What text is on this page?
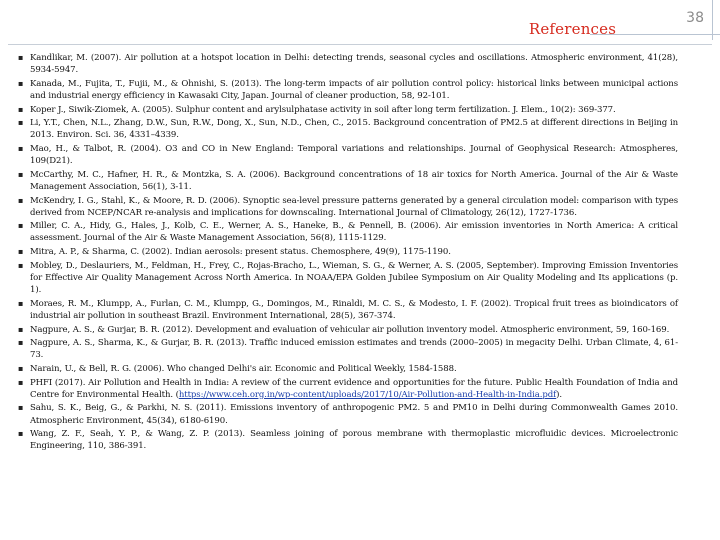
References
38
▪ Kandlikar, M. (2007). Air pollution at a hotspot location in Delhi: detecting trends, seasonal cycles and oscillations. Atmospheric environment, 41(28), 5934-5947.
▪ Kanada, M., Fujita, T., Fujii, M., & Ohnishi, S. (2013). The long-term impacts of air pollution control policy: historical links between municipal actions and industrial energy efficiency in Kawasaki City, Japan. Journal of cleaner production, 58, 92-101.
▪ Koper J., Siwik-Ziomek, A. (2005). Sulphur content and arylsulphatase activity in soil after long term fertilization. J. Elem., 10(2): 369-377.
▪ Li, Y.T., Chen, N.L., Zhang, D.W., Sun, R.W., Dong, X., Sun, N.D., Chen, C., 2015. Background concentration of PM2.5 at different directions in Beijing in 2013. Environ. Sci. 36, 4331–4339.
▪ Mao, H., & Talbot, R. (2004). O3 and CO in New England: Temporal variations and relationships. Journal of Geophysical Research: Atmospheres, 109(D21).
▪ McCarthy, M. C., Hafner, H. R., & Montzka, S. A. (2006). Background concentrations of 18 air toxics for North America. Journal of the Air & Waste Management Association, 56(1), 3-11.
▪ McKendry, I. G., Stahl, K., & Moore, R. D. (2006). Synoptic sea-level pressure patterns generated by a general circulation model: comparison with types derived from NCEP/NCAR re-analysis and implications for downscaling. International Journal of Climatology, 26(12), 1727-1736.
▪ Miller, C. A., Hidy, G., Hales, J., Kolb, C. E., Werner, A. S., Haneke, B., & Pennell, B. (2006). Air emission inventories in North America: A critical assessment. Journal of the Air & Waste Management Association, 56(8), 1115-1129.
▪ Mitra, A. P., & Sharma, C. (2002). Indian aerosols: present status. Chemosphere, 49(9), 1175-1190.
▪ Mobley, D., Deslauriers, M., Feldman, H., Frey, C., Rojas-Bracho, L., Wieman, S. G., & Werner, A. S. (2005, September). Improving Emission Inventories for Effective Air Quality Management Across North America. In NOAA/EPA Golden Jubilee Symposium on Air Quality Modeling and Its applications (p. 1).
▪ Moraes, R. M., Klumpp, A., Furlan, C. M., Klumpp, G., Domingos, M., Rinaldi, M. C. S., & Modesto, I. F. (2002). Tropical fruit trees as bioindicators of industrial air pollution in southeast Brazil. Environment International, 28(5), 367-374.
▪ Nagpure, A. S., & Gurjar, B. R. (2012). Development and evaluation of vehicular air pollution inventory model. Atmospheric environment, 59, 160-169.
▪ Nagpure, A. S., Sharma, K., & Gurjar, B. R. (2013). Traffic induced emission estimates and trends (2000–2005) in megacity Delhi. Urban Climate, 4, 61-73.
▪ Narain, U., & Bell, R. G. (2006). Who changed Delhi's air. Economic and Political Weekly, 1584-1588.
▪ PHFI (2017). Air Pollution and Health in India: A review of the current evidence and opportunities for the future. Public Health Foundation of India and Centre for Environmental Health. (https://www.ceh.org.in/wp-content/uploads/2017/10/Air-Pollution-and-Health-in-India.pdf).
▪ Sahu, S. K., Beig, G., & Parkhi, N. S. (2011). Emissions inventory of anthropogenic PM2. 5 and PM10 in Delhi during Commonwealth Games 2010. Atmospheric Environment, 45(34), 6180-6190.
▪ Wang, Z. F., Seah, Y. P., & Wang, Z. P. (2013). Seamless joining of porous membrane with thermoplastic microfluidic devices. Microelectronic Engineering, 110, 386-391.
